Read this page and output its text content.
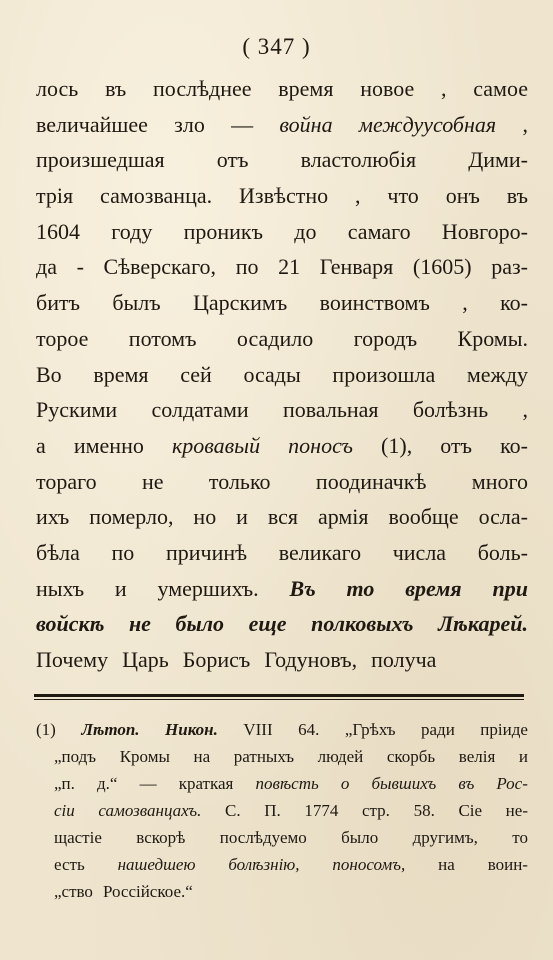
( 347 )
лось въ послѣднее время новое , самое
величайшее зло — война междуусобная ,
произшедшая отъ властолюбія Дими-
трія самозванца. Извѣстно , что онъ въ
1604 году проникъ до самаго Новгоро-
да - Сѣверскаго, по 21 Генваря (1605) раз-
битъ былъ Царскимъ воинствомъ , ко-
торое потомъ осадило городъ Кромы.
Во время сей осады произошла между
Рускими солдатами повальная болѣзнь ,
а именно кровавый поносъ (1), отъ ко-
тораго не только поодиначкѣ много
ихъ померло, но и вся армія вообще осла-
бѣла по причинѣ великаго числа боль-
ныхъ и умершихъ. Въ то время при
войскѣ не было еще полковыхъ Лѣкарей.
Почему Царь Борисъ Годуновъ, получа
(1) Лѣтоп. Никон. VIII 64. „Грѣхъ ради пріиде
„подъ Кромы на ратныхъ людей скорбь велія и
„п. д.“ — краткая повѣсть о бывшихъ въ Рос-
сіи самозванцахъ. С. П. 1774 стр. 58. Сіе не-
щастіе вскорѣ послѣдуемо было другимъ, то
есть нашедшею болѣзнію, поносомъ, на воин-
„ство Россійское.“
